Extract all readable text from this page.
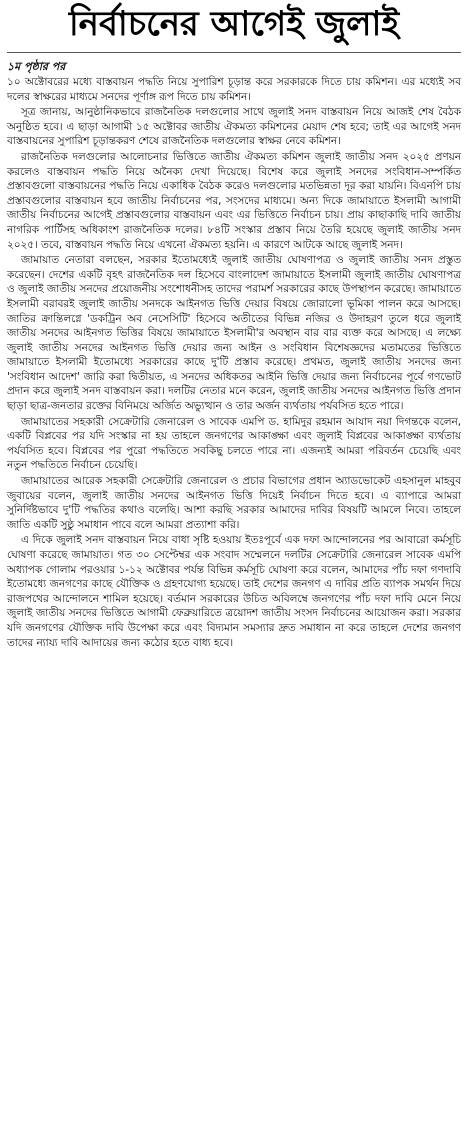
নির্বাচনের আগেই জুলাই
১ম পৃষ্ঠার পর

১০ অক্টোবরের মধ্যে বাস্তবায়ন পদ্ধতি নিয়ে সুপারিশ চূড়ান্ত করে সরকারকে দিতে চায় কমিশন। এর মধ্যেই সব দলের স্বাক্ষরের মাধ্যমে সনদের পূর্ণাঙ্গ রূপ দিতে চায় কমিশন।

সূত্র জানায়, আনুষ্ঠানিকভাবে রাজনৈতিক দলগুলোর সাথে জুলাই সনদ বাস্তবায়ন নিয়ে আজই শেষ বৈঠক অনুষ্ঠিত হবে। এ ছাড়া আগামী ১৫ অক্টোবর জাতীয় ঐকমত্য কমিশনের মেয়াদ শেষ হবে; তাই এর আগেই সনদ বাস্তবায়নের সুপারিশ চূড়ান্তকরণ শেষে রাজনৈতিক দলগুলোর স্বাক্ষর নেবে কমিশন।

রাজনৈতিক দলগুলোর আলোচনার ভিত্তিতে জাতীয় ঐকমত্য কমিশন জুলাই জাতীয় সনদ ২০২৫ প্রণয়ন করলেও বাস্তবায়ন পদ্ধতি নিয়ে অনৈক্য দেখা দিয়েছে। বিশেষ করে জুলাই সনদের সংবিধান-সম্পর্কিত প্রস্তাবগুলো বাস্তবায়নের পদ্ধতি নিয়ে একাধিক বৈঠক করেও দলগুলোর মতভিন্নতা দূর করা যায়নি। বিএনপি চায় প্রস্তাবগুলোর বাস্তবায়ন হবে জাতীয় নির্বাচনের পর, সংসদের মাধ্যমে। অন্য দিকে জামায়াতে ইসলামী আগামী জাতীয় নির্বাচনের আগেই প্রস্তাবগুলোর বাস্তবায়ন এবং এর ভিত্তিতে নির্বাচন চায়। প্রায় কাছাকাছি দাবি জাতীয় নাগরিক পার্টিসহ অধিকাংশ রাজনৈতিক দলের। ৮৪টি সংস্কার প্রস্তাব নিয়ে তৈরি হয়েছে জুলাই জাতীয় সনদ ২০২৫। তবে, বাস্তবায়ন পদ্ধতি নিয়ে এখনো ঐকমত্য হয়নি। এ কারণে আটকে আছে জুলাই সনদ।

জামায়াত নেতারা বলছেন, সরকার ইতোমধ্যেই জুলাই জাতীয় ঘোষণাপত্র ও জুলাই জাতীয় সনদ প্রস্তুত করেছেন। দেশের একটি বৃহৎ রাজনৈতিক দল হিসেবে বাংলাদেশ জামায়াতে ইসলামী জুলাই জাতীয় ঘোষণাপত্র ও জুলাই জাতীয় সনদের প্রয়োজনীয় সংশোধনীসহ তাদের পরামর্শ সরকারের কাছে উপস্থাপন করেছে। জামায়াতে ইসলামী বরাবরই জুলাই জাতীয় সনদকে আইনগত ভিত্তি দেয়ার বিষয়ে জোরালো ভূমিকা পালন করে আসছে। জাতির ক্রান্তিলগ্নে 'ডকট্রিন অব নেসেসিটি' হিসেবে অতীতের বিভিন্ন নজির ও উদাহরণ তুলে ধরে জুলাই জাতীয় সনদের আইনগত ভিত্তির বিষয়ে জামায়াতে ইসলামী'র অবস্থান বার বার ব্যক্ত করে আসছে। এ লক্ষ্যে জুলাই জাতীয় সনদের আইনগত ভিত্তি দেয়ার জন্য আইন ও সংবিধান বিশেষজ্ঞদের মতামতের ভিত্তিতে জামায়াতে ইসলামী ইতোমধ্যে সরকারের কাছে দু'টি প্রস্তাব করেছে। প্রথমত, জুলাই জাতীয় সনদের জন্য 'সংবিধান আদেশ' জারি করা দ্বিতীয়ত, এ সনদের অধিকতর আইনি ভিত্তি দেয়ার জন্য নির্বাচনের পূর্বে গণভোট প্রদান করে জুলাই সনদ বাস্তবায়ন করা। দলটির নেতার মনে করেন, জুলাই জাতীয় সনদের আইনগত ভিত্তি প্রদান ছাড়া ছাত্র-জনতার রক্তের বিনিময়ে অর্জিত অভ্যুত্থান ও তার অর্জন ব্যর্থতায় পর্যবসিত হতে পারে।

জামায়াতের সহকারী সেক্রেটারি জেনারেল ও সাবেক এমপি ড. হামিদুর রহমান আযাদ নয়া দিগন্তকে বলেন, একটি বিপ্লবের পর যদি সংস্কার না হয় তাহলে জনগণের আকাঙ্ক্ষা এবং জুলাই বিপ্লবের আকাঙ্ক্ষা ব্যর্থতায় পর্যবসিত হবে। বিপ্লবের পর পুরো পদ্ধতিতে সবকিছু চলতে পারে না। এজন্যই আমরা পরিবর্তন চেয়েছি এবং নতুন পদ্ধতিতে নির্বাচন চেয়েছি।

জামায়াতের আরেক সহকারী সেক্রেটারি জেনারেল ও প্রচার বিভাগের প্রধান অ্যাডভোকেট এহসানুল মাহবুব জুবায়ের বলেন, জুলাই জাতীয় সনদের আইনগত ভিত্তি দিয়েই নির্বাচন দিতে হবে। এ ব্যাপারে আমরা সুনির্দিষ্টভাবে দু'টি পদ্ধতির কথাও বলেছি। আশা করছি সরকার আমাদের দাবির বিষয়টি আমলে নিবে। তাহলে জাতি একটি সুষ্ঠু সমাধান পাবে বলে আমরা প্রত্যাশা করি।

এ দিকে জুলাই সনদ বাস্তবায়ন নিয়ে বাধা সৃষ্টি হওয়ায় ইতঃপূর্বে এক দফা আন্দোলনের পর আবারো কর্মসূচি ঘোষণা করেছে জামায়াত। গত ৩০ সেপ্টেম্বর এক সংবাদ সম্মেলনে দলটির সেক্রেটারি জেনারেল সাবেক এমপি অধ্যাপক গোলাম পরওয়ার ১-১২ অক্টোবর পর্যন্ত বিভিন্ন কর্মসূচি ঘোষণা করে বলেন, আমাদের পাঁচ দফা গণদাবি ইতোমধ্যে জনগণের কাছে যৌক্তিক ও গ্রহণযোগ্য হয়েছে। তাই দেশের জনগণ এ দাবির প্রতি ব্যাপক সমর্থন দিয়ে রাজপথের আন্দোলনে শামিল হয়েছে। বর্তমান সরকারের উচিত অবিলম্বে জনগণের পাঁচ দফা দাবি মেনে নিয়ে জুলাই জাতীয় সনদের ভিত্তিতে আগামী ফেব্রুয়ারিতে ত্রয়োদশ জাতীয় সংসদ নির্বাচনের আয়োজন করা। সরকার যদি জনগণের যৌক্তিক দাবি উপেক্ষা করে এবং বিদ্যমান সমস্যার দ্রুত সমাধান না করে তাহলে দেশের জনগণ তাদের ন্যায্য দাবি আদায়ের জন্য কঠোর হতে বাধ্য হবে।
